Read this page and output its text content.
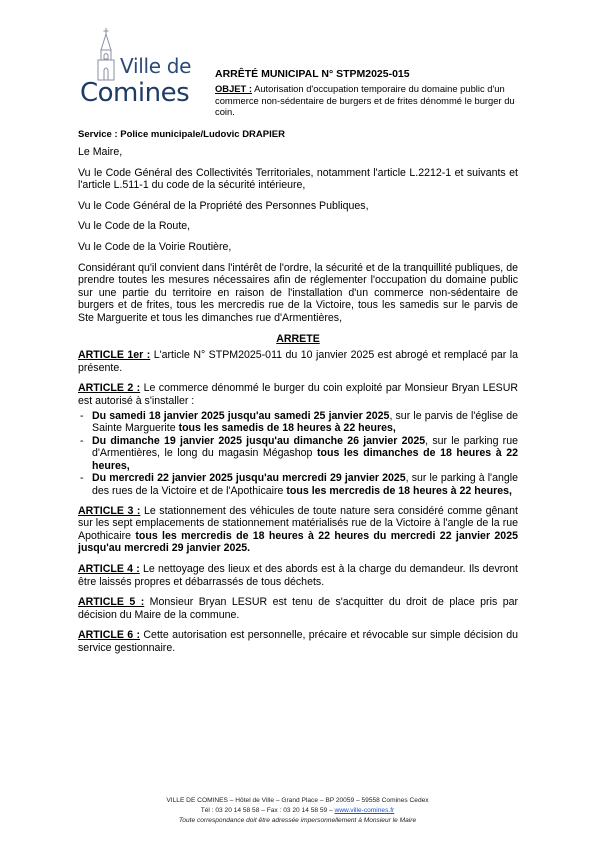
Ville de
Comines
ARRÊTÉ MUNICIPAL N° STPM2025-015
OBJET : Autorisation d'occupation temporaire du domaine public d'un commerce non-sédentaire de burgers et de frites dénommé le burger du coin.
Service : Police municipale/Ludovic DRAPIER

Le Maire,

Vu le Code Général des Collectivités Territoriales, notamment l'article L.2212-1 et suivants et l'article L.511-1 du code de la sécurité intérieure,

Vu le Code Général de la Propriété des Personnes Publiques,

Vu le Code de la Route,

Vu le Code de la Voirie Routière,

Considérant qu'il convient dans l'intérêt de l'ordre, la sécurité et de la tranquillité publiques, de prendre toutes les mesures nécessaires afin de réglementer l'occupation du domaine public sur une partie du territoire en raison de l'installation d'un commerce non-sédentaire de burgers et de frites, tous les mercredis rue de la Victoire, tous les samedis sur le parvis de Ste Marguerite et tous les dimanches rue d'Armentières,

ARRETE

ARTICLE 1er : L'article N° STPM2025-011 du 10 janvier 2025 est abrogé et remplacé par la présente.

ARTICLE 2 : Le commerce dénommé le burger du coin exploité par Monsieur Bryan LESUR est autorisé à s'installer :

- Du samedi 18 janvier 2025 jusqu'au samedi 25 janvier 2025, sur le parvis de l'église de Sainte Marguerite tous les samedis de 18 heures à 22 heures,
- Du dimanche 19 janvier 2025 jusqu'au dimanche 26 janvier 2025, sur le parking rue d'Armentières, le long du magasin Mégashop tous les dimanches de 18 heures à 22 heures,
- Du mercredi 22 janvier 2025 jusqu'au mercredi 29 janvier 2025, sur le parking à l'angle des rues de la Victoire et de l'Apothicaire tous les mercredis de 18 heures à 22 heures,

ARTICLE 3 : Le stationnement des véhicules de toute nature sera considéré comme gênant sur les sept emplacements de stationnement matérialisés rue de la Victoire à l'angle de la rue Apothicaire tous les mercredis de 18 heures à 22 heures du mercredi 22 janvier 2025 jusqu'au mercredi 29 janvier 2025.

ARTICLE 4 : Le nettoyage des lieux et des abords est à la charge du demandeur. Ils devront être laissés propres et débarrassés de tous déchets.

ARTICLE 5 : Monsieur Bryan LESUR est tenu de s'acquitter du droit de place pris par décision du Maire de la commune.

ARTICLE 6 : Cette autorisation est personnelle, précaire et révocable sur simple décision du service gestionnaire.

VILLE DE COMINES – Hôtel de Ville – Grand Place – BP 20059 – 59558 Comines Cedex
Tél : 03 20 14 58 58 – Fax : 03 20 14 58 59 – www.ville-comines.fr
Toute correspondance doit être adressée impersonnellement à Monsieur le Maire
